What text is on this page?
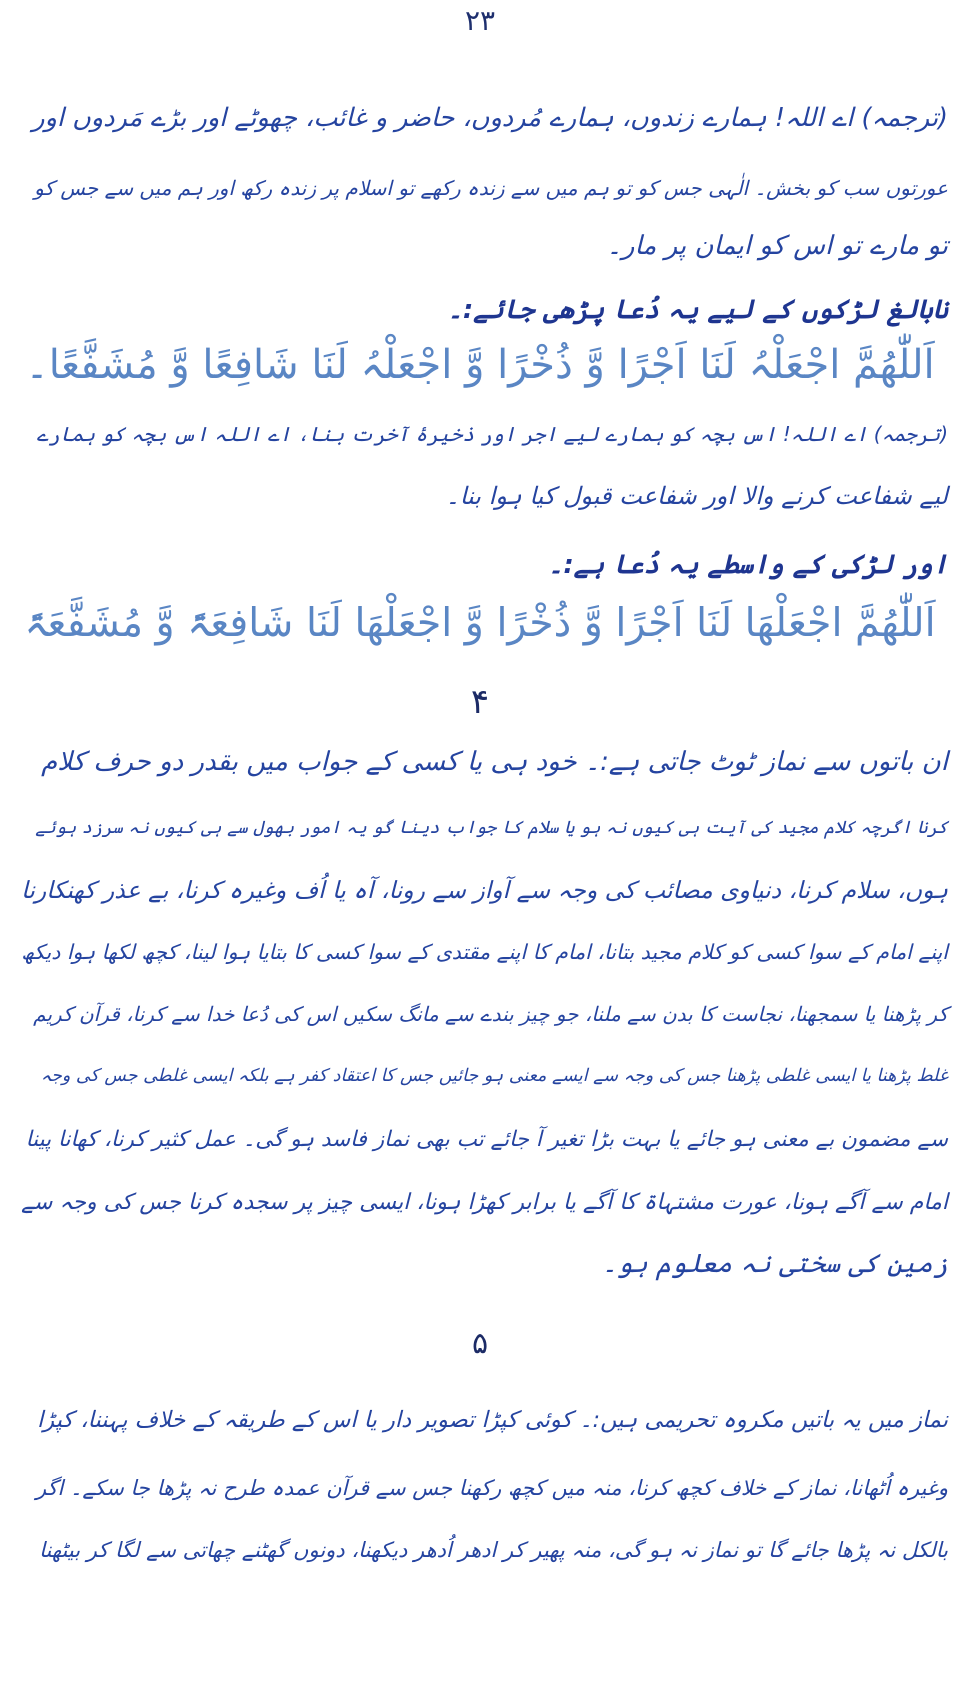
۲۳
(ترجمہ) اے اللہ! ہمارے زندوں، ہمارے مُردوں، حاضر و غائب، چھوٹے اور بڑے مَردوں اور
عورتوں سب کو بخش۔ الٰہی جس کو تو ہم میں سے زندہ رکھے تو اسلام پر زندہ رکھ اور ہم میں سے جس کو
تو مارے تو اس کو ایمان پر مار۔
نابالغ لڑکوں کے لیے یہ دُعا پڑھی جائے:۔
اَللّٰھُمَّ اجْعَلْہُ لَنَا اَجْرًا وَّ ذُخْرًا وَّ اجْعَلْہُ لَنَا شَافِعًا وَّ مُشَفَّعًا۔
(ترجمہ) اے اللہ! اس بچہ کو ہمارے لیے اجر اور ذخیرۂ آخرت بنا، اے اللہ اس بچہ کو ہمارے
لیے شفاعت کرنے والا اور شفاعت قبول کیا ہوا بنا۔
اور لڑکی کے واسطے یہ دُعا ہے:۔
اَللّٰھُمَّ اجْعَلْھَا لَنَا اَجْرًا وَّ ذُخْرًا وَّ اجْعَلْھَا لَنَا شَافِعَۃً وَّ مُشَفَّعَۃً
۴
ان باتوں سے نماز ٹوٹ جاتی ہے:۔ خود ہی یا کسی کے جواب میں بقدر دو حرف کلام
کرنا اگرچہ کلام مجید کی آیت ہی کیوں نہ ہو یا سلام کا جواب دینا گو یہ امور بھول سے ہی کیوں نہ سرزد ہوئے
ہوں، سلام کرنا، دنیاوی مصائب کی وجہ سے آواز سے رونا، آہ یا اُف وغیرہ کرنا، بے عذر کھنکارنا
اپنے امام کے سوا کسی کو کلام مجید بتانا، امام کا اپنے مقتدی کے سوا کسی کا بتایا ہوا لینا، کچھ لکھا ہوا دیکھ
کر پڑھنا یا سمجھنا، نجاست کا بدن سے ملنا، جو چیز بندے سے مانگ سکیں اس کی دُعا خدا سے کرنا، قرآن کریم
غلط پڑھنا یا ایسی غلطی پڑھنا جس کی وجہ سے ایسے معنی ہو جائیں جس کا اعتقاد کفر ہے بلکہ ایسی غلطی جس کی وجہ
سے مضمون بے معنی ہو جائے یا بہت بڑا تغیر آ جائے تب بھی نماز فاسد ہو گی۔ عمل کثیر کرنا، کھانا پینا
امام سے آگے ہونا، عورت مشتہاۃ کا آگے یا برابر کھڑا ہونا، ایسی چیز پر سجدہ کرنا جس کی وجہ سے
زمین کی سختی نہ معلوم ہو۔
۵
نماز میں یہ باتیں مکروہ تحریمی ہیں:۔ کوئی کپڑا تصویر دار یا اس کے طریقہ کے خلاف پہننا، کپڑا
وغیرہ اُٹھانا، نماز کے خلاف کچھ کرنا، منہ میں کچھ رکھنا جس سے قرآن عمدہ طرح نہ پڑھا جا سکے۔ اگر
بالکل نہ پڑھا جائے گا تو نماز نہ ہو گی، منہ پھیر کر ادھر اُدھر دیکھنا، دونوں گھٹنے چھاتی سے لگا کر بیٹھنا
